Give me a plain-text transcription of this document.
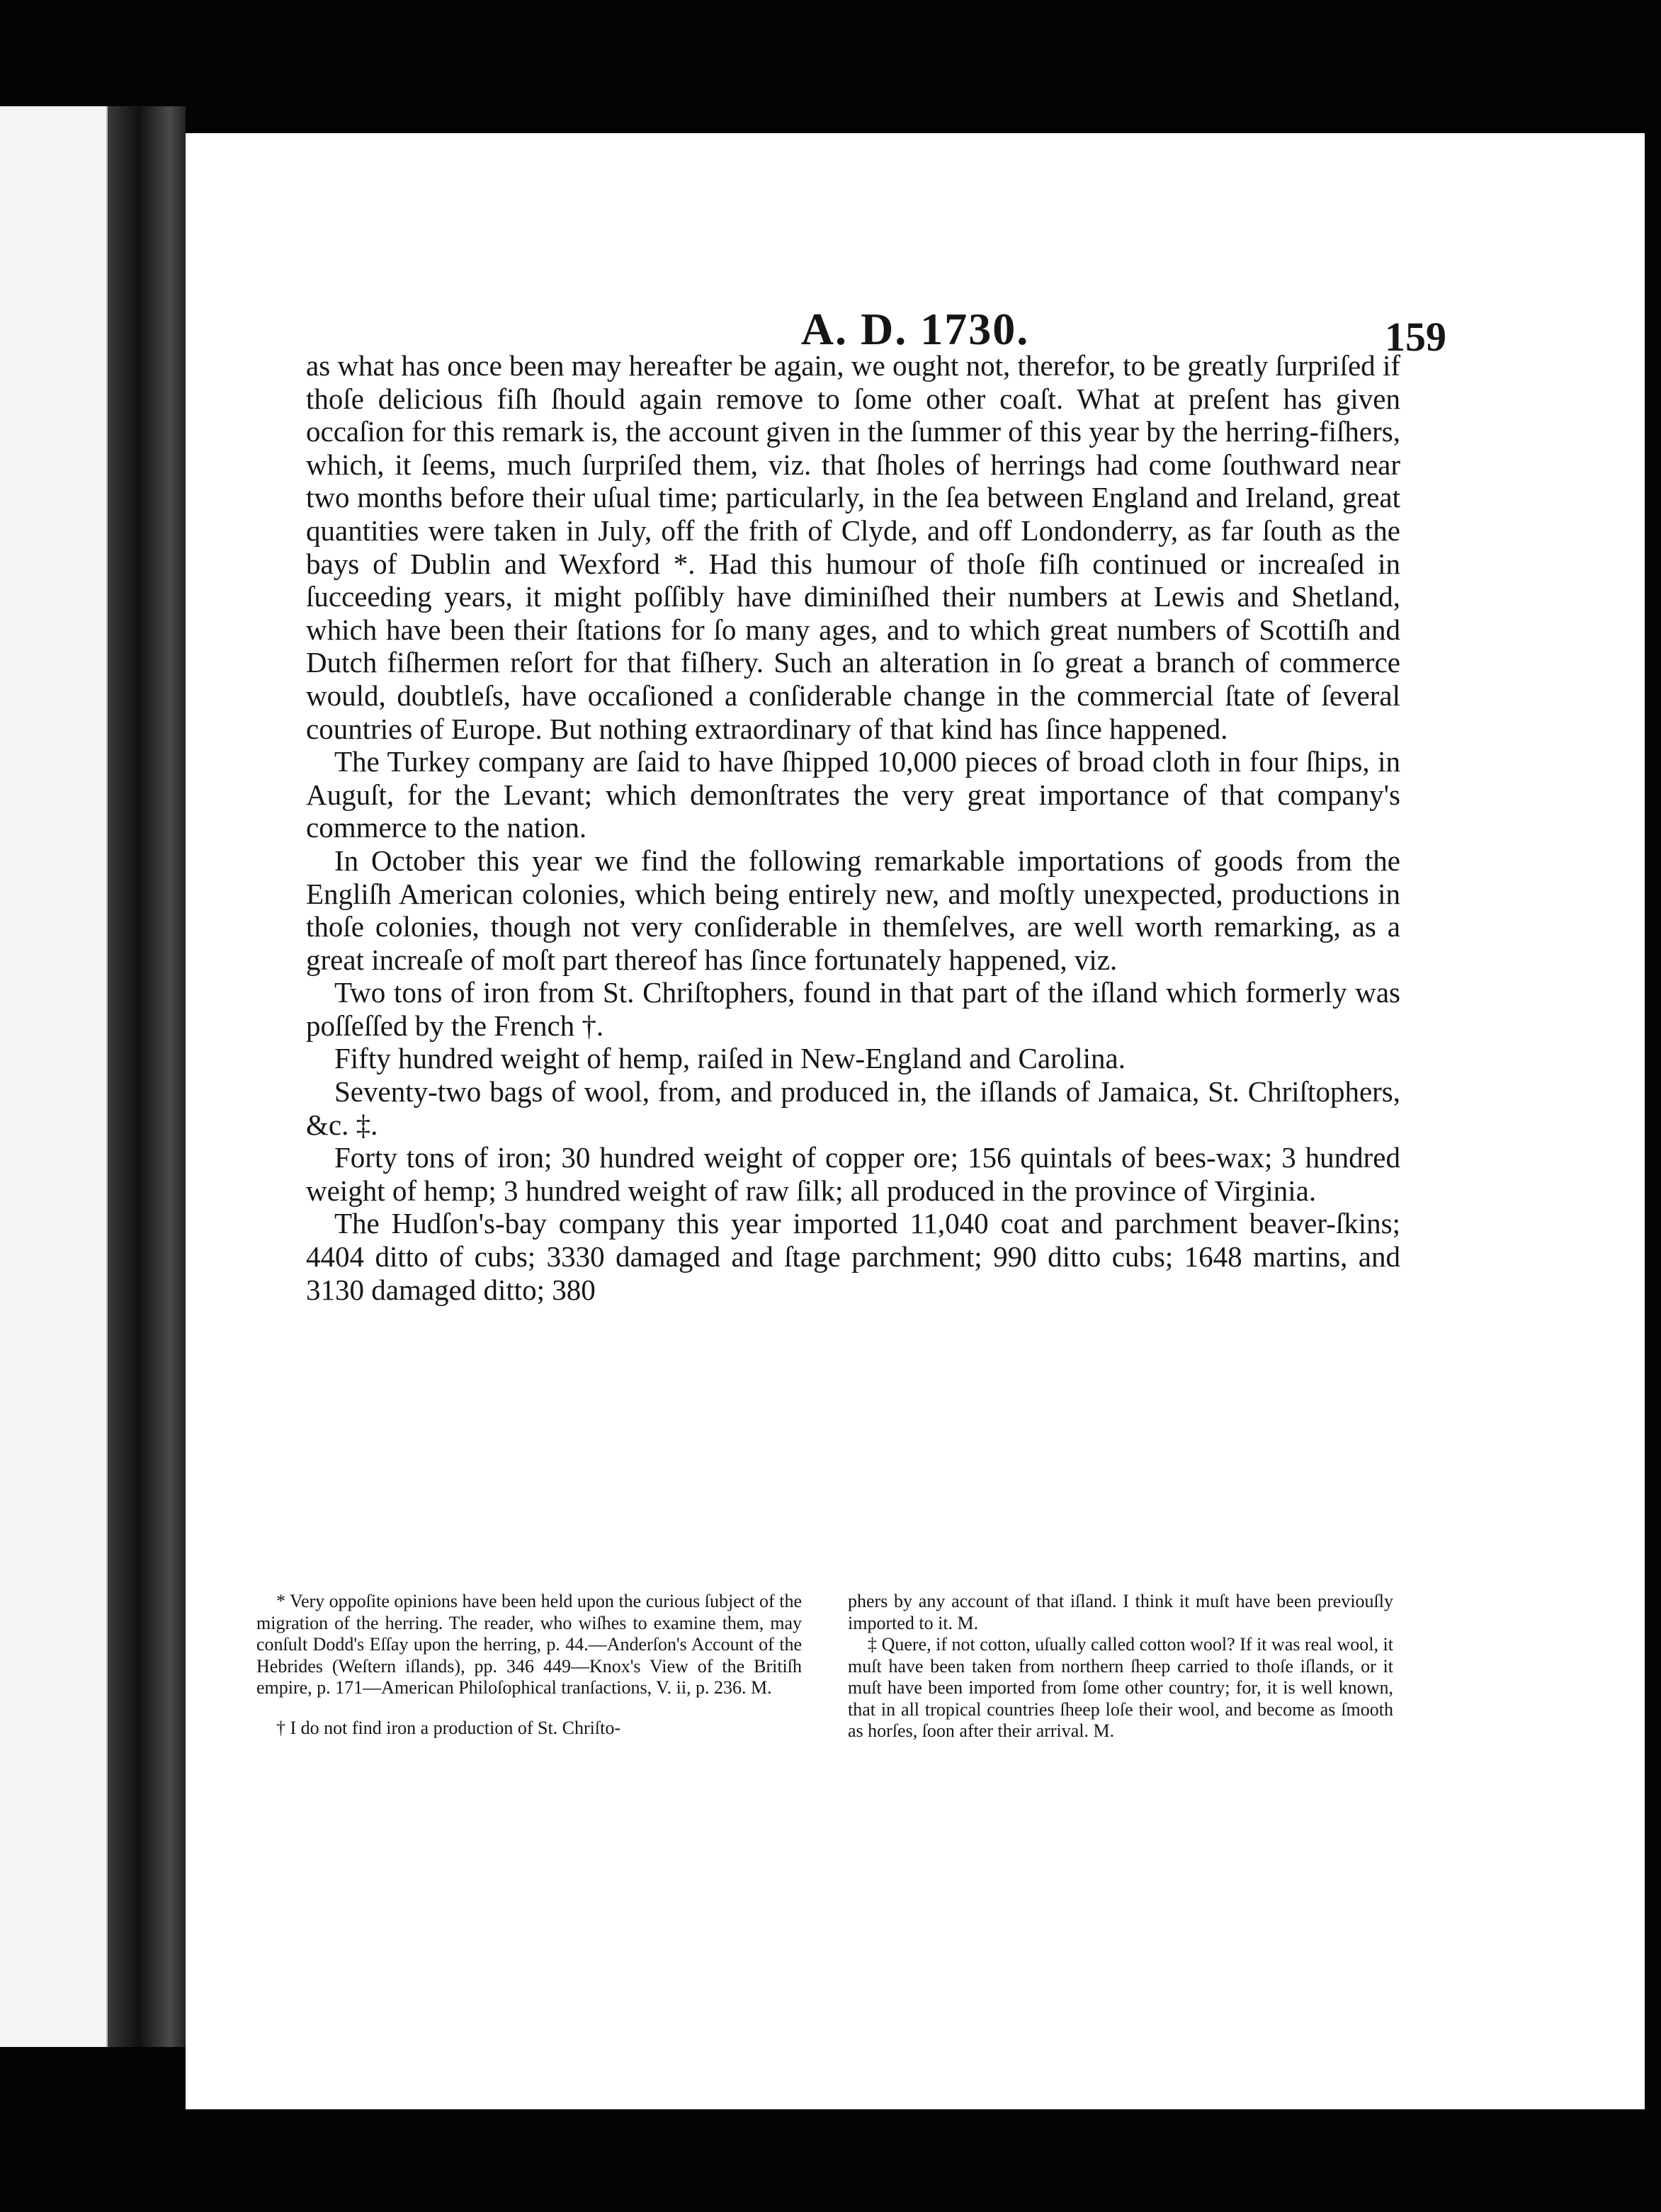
A. D. 1730.	159

as what has once been may hereafter be again, we ought not, therefor, to be greatly ſurpriſed if thoſe delicious fiſh ſhould again remove to ſome other coaſt. What at preſent has given occaſion for this remark is, the account given in the ſummer of this year by the herring-fiſhers, which, it ſeems, much ſurpriſed them, viz. that ſholes of herrings had come ſouthward near two months before their uſual time; particularly, in the ſea between England and Ireland, great quantities were taken in July, off the frith of Clyde, and off Londonderry, as far ſouth as the bays of Dublin and Wexford *. Had this humour of thoſe fiſh continued or increaſed in ſucceeding years, it might poſſibly have diminiſhed their numbers at Lewis and Shetland, which have been their ſtations for ſo many ages, and to which great numbers of Scottiſh and Dutch fiſhermen reſort for that fiſhery. Such an alteration in ſo great a branch of commerce would, doubtleſs, have occaſioned a conſiderable change in the commercial ſtate of ſeveral countries of Europe. But nothing extraordinary of that kind has ſince happened.

The Turkey company are ſaid to have ſhipped 10,000 pieces of broad cloth in four ſhips, in Auguſt, for the Levant; which demonſtrates the very great importance of that company's commerce to the nation.

In October this year we find the following remarkable importations of goods from the Engliſh American colonies, which being entirely new, and moſtly unexpected, productions in thoſe colonies, though not very conſiderable in themſelves, are well worth remarking, as a great increaſe of moſt part thereof has ſince fortunately happened, viz.

Two tons of iron from St. Chriſtophers, found in that part of the iſland which formerly was poſſeſſed by the French †.

Fifty hundred weight of hemp, raiſed in New-England and Carolina.

Seventy-two bags of wool, from, and produced in, the iſlands of Jamaica, St. Chriſtophers, &c. ‡.

Forty tons of iron; 30 hundred weight of copper ore; 156 quintals of bees-wax; 3 hundred weight of hemp; 3 hundred weight of raw ſilk; all produced in the province of Virginia.

The Hudſon's-bay company this year imported 11,040 coat and parchment beaver-ſkins; 4404 ditto of cubs; 3330 damaged and ſtage parchment; 990 ditto cubs; 1648 martins, and 3130 damaged ditto; 380

* Very oppoſite opinions have been held upon the curious ſubject of the migration of the herring. The reader, who wiſhes to examine them, may conſult Dodd's Eſſay upon the herring, p. 44.—Anderſon's Account of the Hebrides (Weſtern iſlands), pp. 346 449—Knox's View of the Britiſh empire, p. 171—American Philoſophical tranſactions, V. ii, p. 236. M.

† I do not find iron a production of St. Chriſto-

phers by any account of that iſland. I think it muſt have been previouſly imported to it. M.

‡ Quere, if not cotton, uſually called cotton wool? If it was real wool, it muſt have been taken from northern ſheep carried to thoſe iſlands, or it muſt have been imported from ſome other country; for, it is well known, that in all tropical countries ſheep loſe their wool, and become as ſmooth as horſes, ſoon after their arrival. M.
